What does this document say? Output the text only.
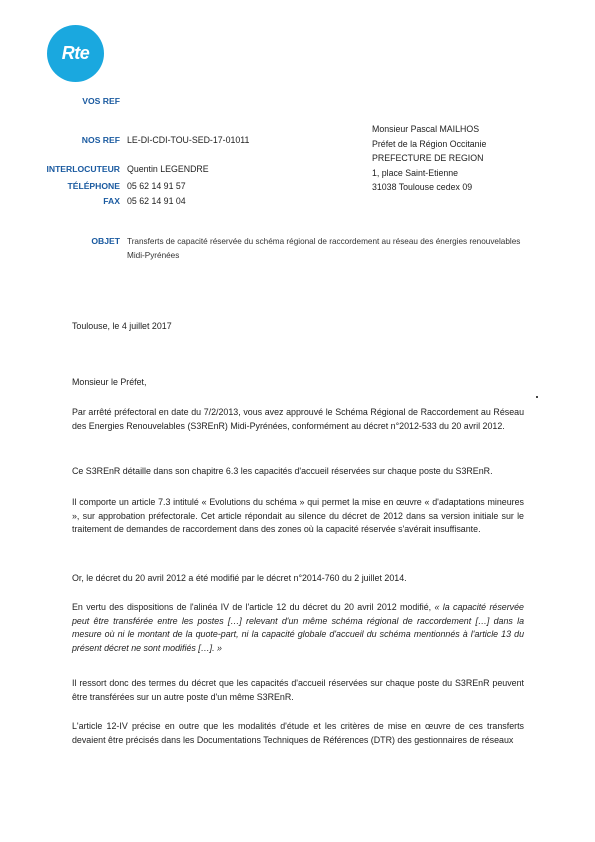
Rte
VOS REF
NOS REF LE-DI-CDI-TOU-SED-17-01011
INTERLOCUTEUR Quentin LEGENDRE
TÉLÉPHONE 05 62 14 91 57
FAX 05 62 14 91 04
Monsieur Pascal MAILHOS
Préfet de la Région Occitanie
PREFECTURE DE REGION
1, place Saint-Etienne
31038 Toulouse cedex 09
OBJET Transferts de capacité réservée du schéma régional de raccordement au réseau des énergies renouvelables Midi-Pyrénées
Toulouse, le 4 juillet 2017
Monsieur le Préfet,
Par arrêté préfectoral en date du 7/2/2013, vous avez approuvé le Schéma Régional de Raccordement au Réseau des Energies Renouvelables (S3REnR) Midi-Pyrénées, conformément au décret n°2012-533 du 20 avril 2012.
Ce S3REnR détaille dans son chapitre 6.3 les capacités d'accueil réservées sur chaque poste du S3REnR.
Il comporte un article 7.3 intitulé « Evolutions du schéma » qui permet la mise en œuvre « d'adaptations mineures », sur approbation préfectorale. Cet article répondait au silence du décret de 2012 dans sa version initiale sur le traitement de demandes de raccordement dans des zones où la capacité réservée s'avérait insuffisante.
Or, le décret du 20 avril 2012 a été modifié par le décret n°2014-760 du 2 juillet 2014.
En vertu des dispositions de l'alinéa IV de l'article 12 du décret du 20 avril 2012 modifié, « la capacité réservée peut être transférée entre les postes […] relevant d'un même schéma régional de raccordement […] dans la mesure où ni le montant de la quote-part, ni la capacité globale d'accueil du schéma mentionnés à l'article 13 du présent décret ne sont modifiés […]. »
Il ressort donc des termes du décret que les capacités d'accueil réservées sur chaque poste du S3REnR peuvent être transférées sur un autre poste d'un même S3REnR.
L'article 12-IV précise en outre que les modalités d'étude et les critères de mise en œuvre de ces transferts devaient être précisés dans les Documentations Techniques de Références (DTR) des gestionnaires de réseaux
